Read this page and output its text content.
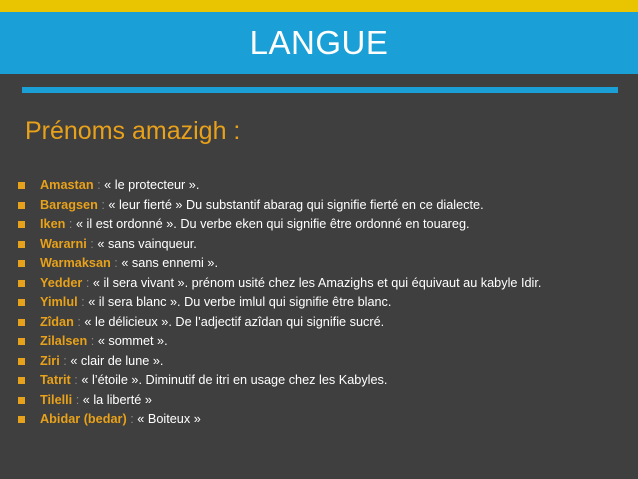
LANGUE
Prénoms amazigh :
Amastan : « le protecteur ».
Baragsen : « leur fierté » Du substantif abarag qui signifie fierté en ce dialecte.
Iken : « il est ordonné ». Du verbe eken qui signifie être ordonné en touareg.
Wararni : « sans vainqueur.
Warmaksan : « sans ennemi ».
Yedder : « il sera vivant ». prénom usité chez les Amazighs et qui équivaut au kabyle Idir.
Yimlul : « il sera blanc ». Du verbe imlul qui signifie être blanc.
Zîdan : « le délicieux ». De l’adjectif azîdan qui signifie sucré.
Zilalsen : « sommet ».
Ziri : « clair de lune ».
Tatrit : « l’étoile ». Diminutif de itri en usage chez les Kabyles.
Tilelli : « la liberté »
Abidar (bedar) : « Boiteux »
